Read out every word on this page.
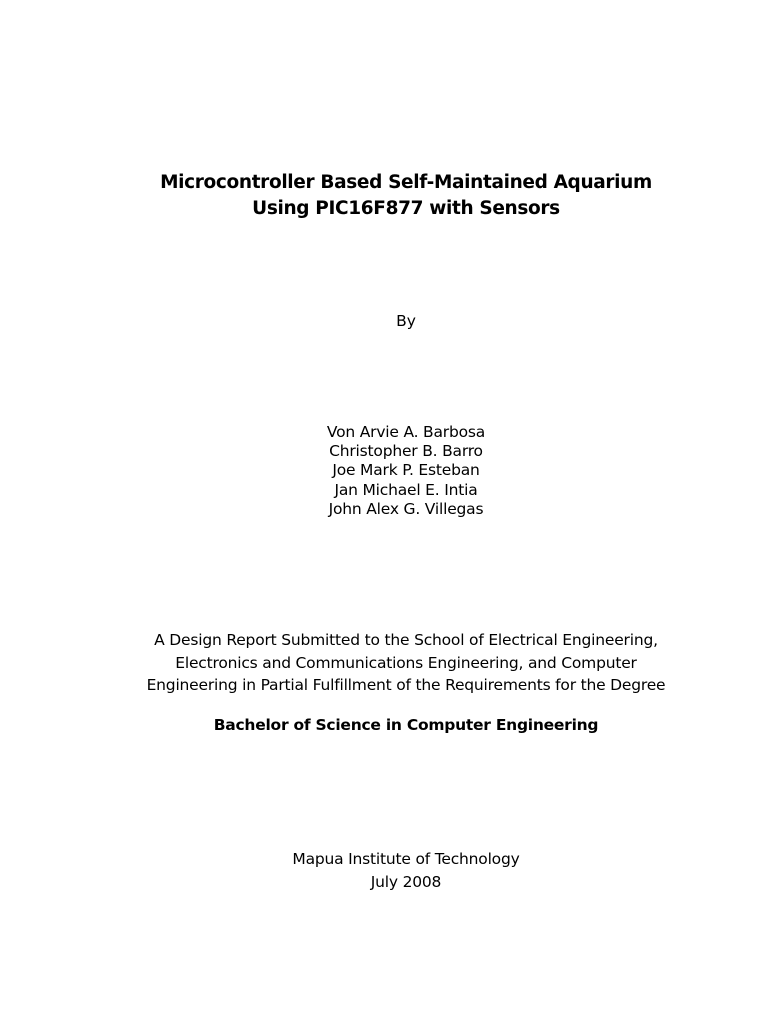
Microcontroller Based Self-Maintained Aquarium
Using PIC16F877 with Sensors
By
Von Arvie A. Barbosa
Christopher B. Barro
Joe Mark P. Esteban
Jan Michael E. Intia
John Alex G. Villegas
A Design Report Submitted to the School of Electrical Engineering,
Electronics and Communications Engineering, and Computer
Engineering in Partial Fulfillment of the Requirements for the Degree
Bachelor of Science in Computer Engineering
Mapua Institute of Technology
July 2008
